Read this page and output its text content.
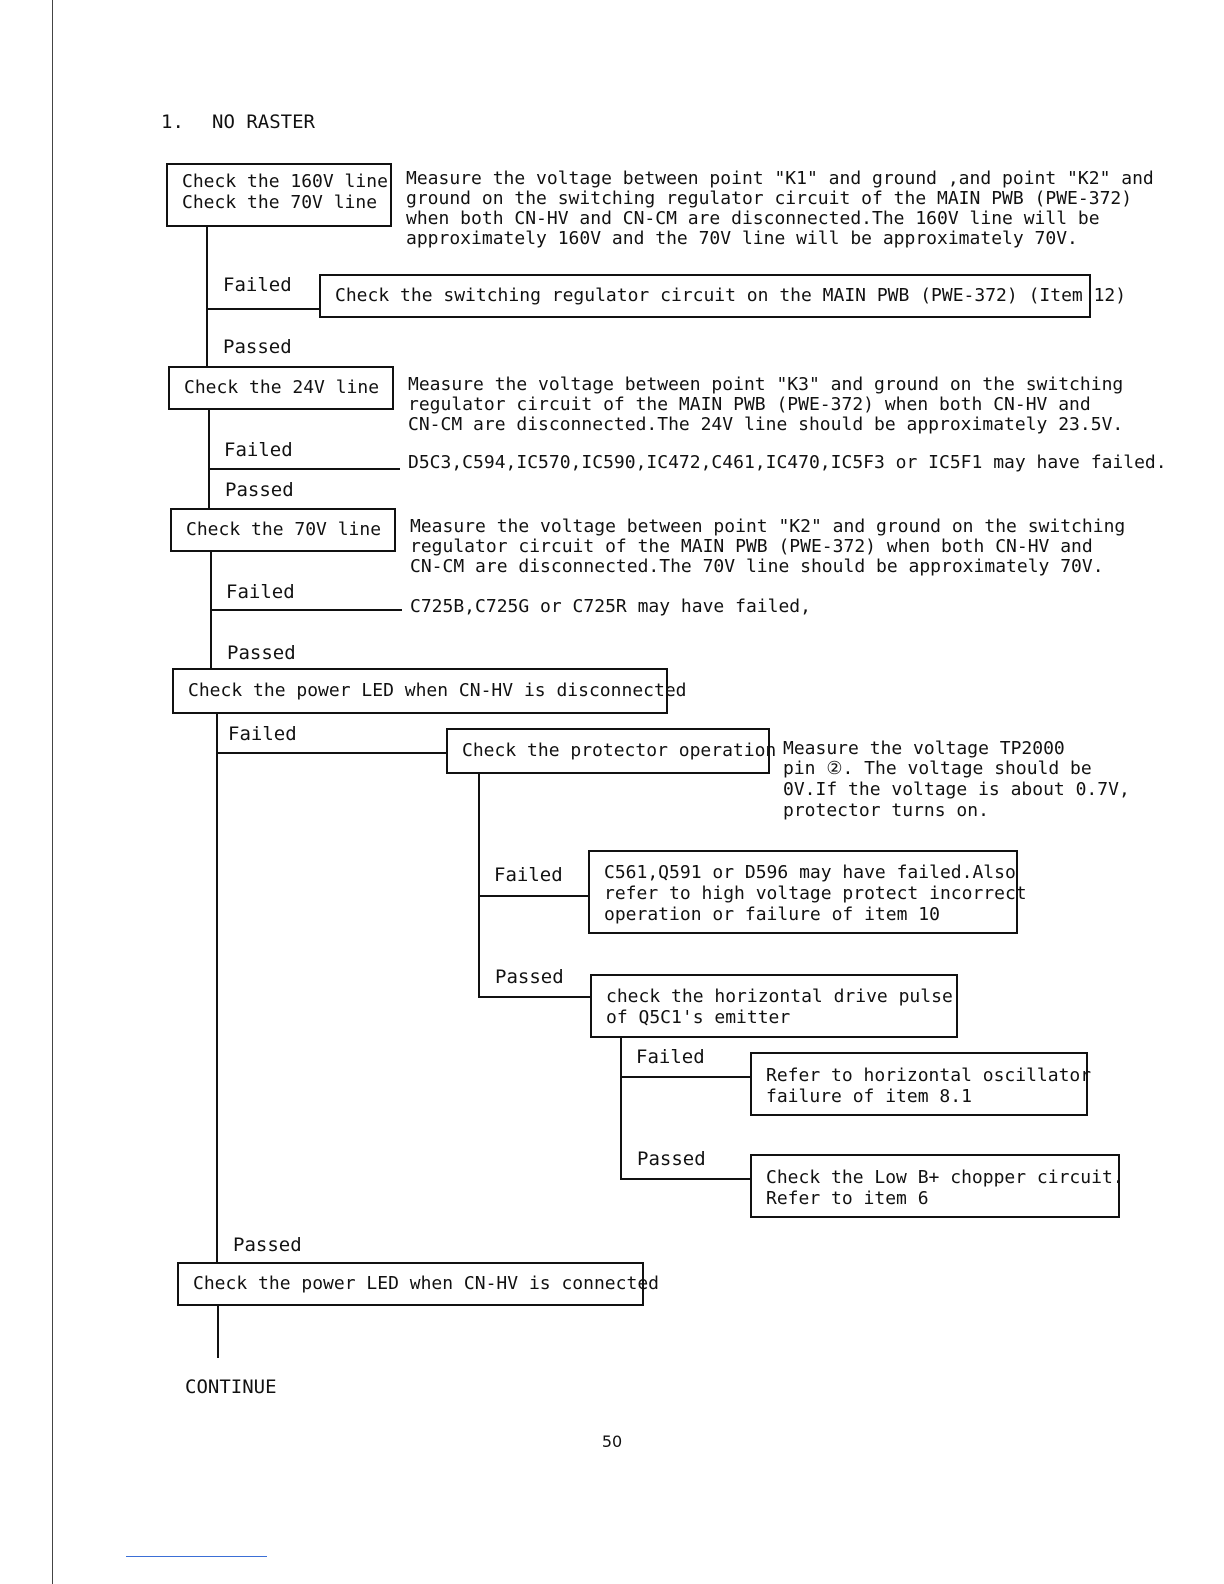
1. NO RASTER
Check the 160V line
Check the 70V line
Measure the voltage between point "K1" and ground ,and point "K2" and
ground on the switching regulator circuit of the MAIN PWB (PWE-372)
when both CN-HV and CN-CM are disconnected.The 160V line will be
approximately 160V and the 70V line will be approximately 70V.
Failed	Check the switching regulator circuit on the MAIN PWB (PWE-372) (Item 12)
Passed
Check the 24V line	Measure the voltage between point "K3" and ground on the switching
regulator circuit of the MAIN PWB (PWE-372) when both CN-HV and
CN-CM are disconnected.The 24V line should be approximately 23.5V.
Failed
D5C3,C594,IC570,IC590,IC472,C461,IC470,IC5F3 or IC5F1 may have failed.
Passed
Check the 70V line	Measure the voltage between point "K2" and ground on the switching
regulator circuit of the MAIN PWB (PWE-372) when both CN-HV and
CN-CM are disconnected.The 70V line should be approximately 70V.
Failed
C725B,C725G or C725R may have failed,
Passed
Check the power LED when CN-HV is disconnected
Failed
Check the protector operation Measure the voltage TP2000
pin ②. The voltage should be
0V.If the voltage is about 0.7V,
protector turns on.
Failed	C561,Q591 or D596 may have failed.Also
refer to high voltage protect incorrect
operation or failure of item 10
Passed
check the horizontal drive pulse
of Q5C1's emitter
Failed
Refer to horizontal oscillator
failure of item 8.1
Passed
Check the Low B+ chopper circuit.
Refer to item 6
Passed
Check the power LED when CN-HV is connected
CONTINUE
50
